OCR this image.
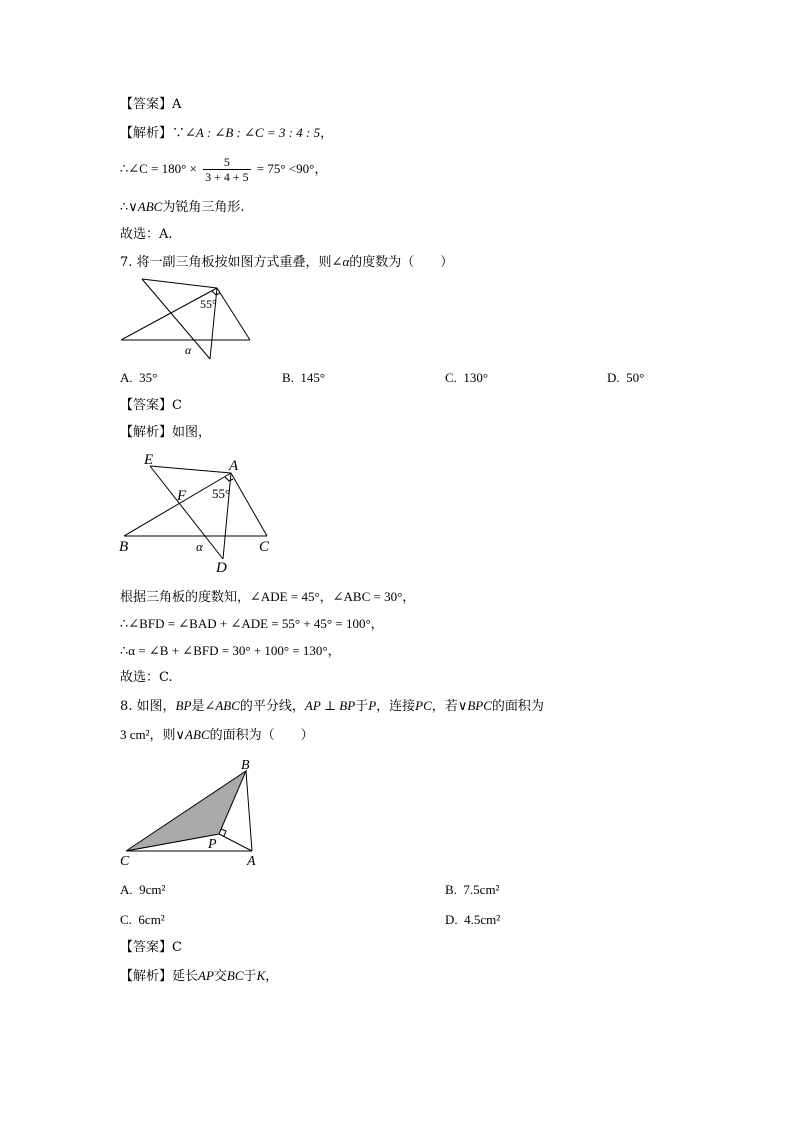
【答案】A
【解析】∵∠A : ∠B : ∠C = 3 : 4 : 5，
∴∠C = $180^\circ \times \frac{5}{3 + 4 + 5} = 75^\circ <90^\circ$，
∴∨ABC为锐角三角形.
故选：A.
7. 将一副三角板按如图方式重叠，则∠α的度数为（　　）
55°
α
A. 35°	B. 145°	C. 130°	D. 50°
【答案】C
【解析】如图，
E	A
F 55°
B	α	C
D
根据三角板的度数知，∠ADE = 45°，∠ABC = 30°，
∴∠BFD = ∠BAD + ∠ADE = 55° + 45° = 100°，
∴α = ∠B + ∠BFD = 30° + 100° = 130°，
故选：C.
8. 如图，BP是∠ABC的平分线，AP ⊥ BP于P，连接PC，若∨BPC的面积为
3 cm²，则∨ABC的面积为（　　）
B
C
P
A
A. 9cm²	B. 7.5cm²
C. 6cm²	D. 4.5cm²
【答案】C
【解析】延长AP交BC于K，
